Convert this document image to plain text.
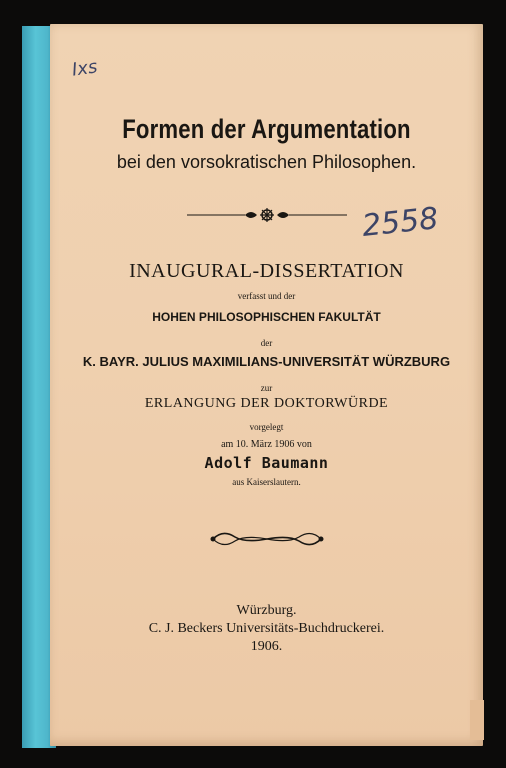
Ixs
2558
Formen der Argumentation
bei den vorsokratischen Philosophen.
INAUGURAL-DISSERTATION
verfasst und der
HOHEN PHILOSOPHISCHEN FAKULTÄT
der
K. BAYR. JULIUS MAXIMILIANS-UNIVERSITÄT WÜRZBURG
zur
ERLANGUNG DER DOKTORWÜRDE
vorgelegt
am 10. März 1906 von
Adolf Baumann
aus Kaiserslautern.
Würzburg.
C. J. Beckers Universitäts-Buchdruckerei.
1906.
